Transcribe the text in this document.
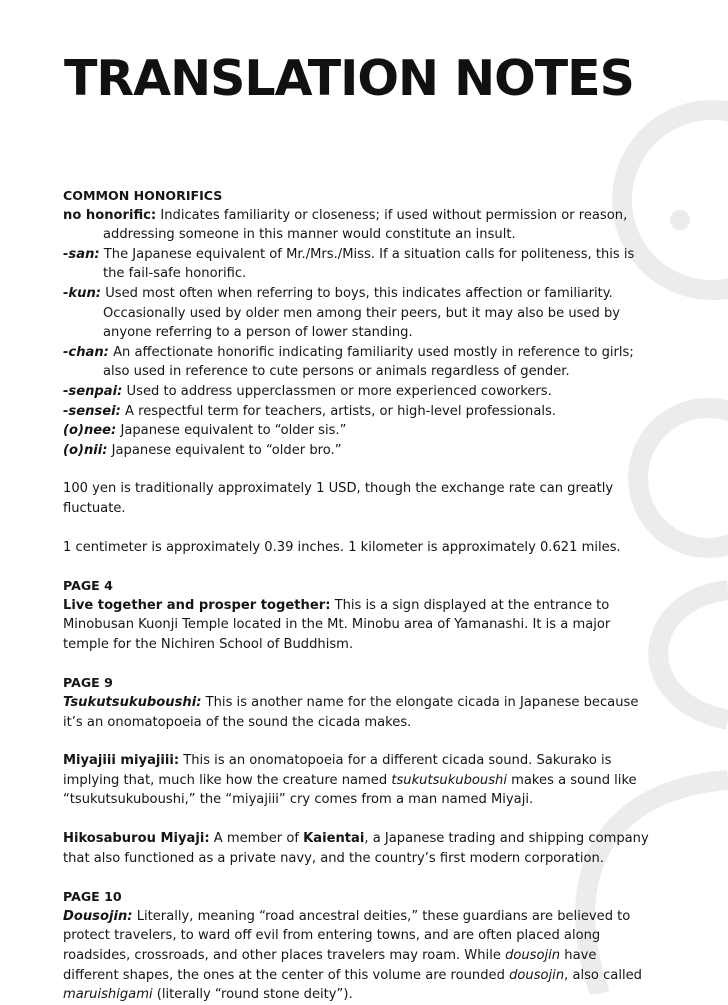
TRANSLATION NOTES

COMMON HONORIFICS

no honorific: Indicates familiarity or closeness; if used without permission or reason, addressing someone in this manner would constitute an insult.

-san: The Japanese equivalent of Mr./Mrs./Miss. If a situation calls for politeness, this is the fail-safe honorific.

-kun: Used most often when referring to boys, this indicates affection or familiarity. Occasionally used by older men among their peers, but it may also be used by anyone referring to a person of lower standing.

-chan: An affectionate honorific indicating familiarity used mostly in reference to girls; also used in reference to cute persons or animals regardless of gender.

-senpai: Used to address upperclassmen or more experienced coworkers.

-sensei: A respectful term for teachers, artists, or high-level professionals.

(o)nee: Japanese equivalent to “older sis.”

(o)nii: Japanese equivalent to “older bro.”

100 yen is traditionally approximately 1 USD, though the exchange rate can greatly fluctuate.

1 centimeter is approximately 0.39 inches. 1 kilometer is approximately 0.621 miles.

PAGE 4

Live together and prosper together: This is a sign displayed at the entrance to Minobusan Kuonji Temple located in the Mt. Minobu area of Yamanashi. It is a major temple for the Nichiren School of Buddhism.

PAGE 9

Tsukutsukuboushi: This is another name for the elongate cicada in Japanese because it’s an onomatopoeia of the sound the cicada makes.

Miyajiii miyajiii: This is an onomatopoeia for a different cicada sound. Sakurako is implying that, much like how the creature named tsukutsukuboushi makes a sound like “tsukutsukuboushi,” the “miyajiii” cry comes from a man named Miyaji.

Hikosaburou Miyaji: A member of Kaientai, a Japanese trading and shipping company that also functioned as a private navy, and the country’s first modern corporation.

PAGE 10

Dousojin: Literally, meaning “road ancestral deities,” these guardians are believed to protect travelers, to ward off evil from entering towns, and are often placed along roadsides, crossroads, and other places travelers may roam. While dousojin have different shapes, the ones at the center of this volume are rounded dousojin, also called maruishigami (literally “round stone deity”).
